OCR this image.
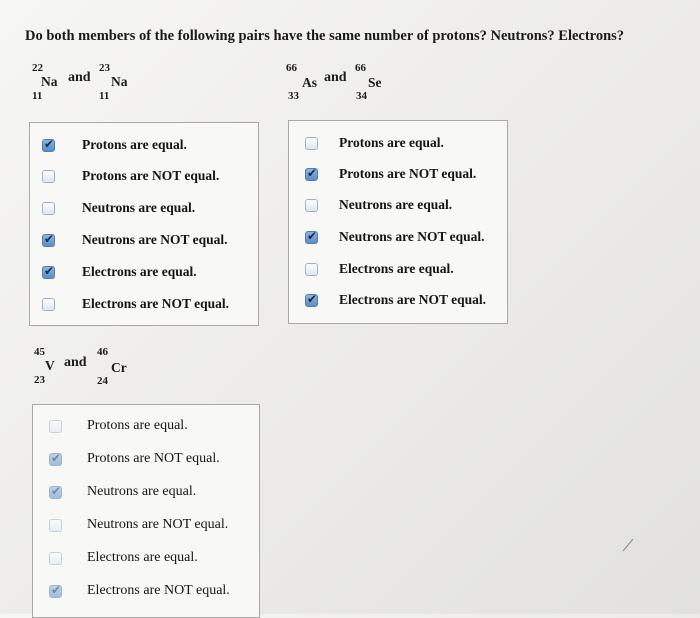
Do both members of the following pairs have the same number of protons? Neutrons? Electrons?
22
Na
11
and
23
Na
11
66
As
33
and
66
Se
34
45
V
23
and
46
Cr
24
✔ Protons are equal.
Protons are NOT equal.
Neutrons are equal.
✔ Neutrons are NOT equal.
✔ Electrons are equal.
Electrons are NOT equal.
Protons are equal.
✔ Protons are NOT equal.
Neutrons are equal.
✔ Neutrons are NOT equal.
Electrons are equal.
✔ Electrons are NOT equal.
Protons are equal.
✔ Protons are NOT equal.
✔ Neutrons are equal.
Neutrons are NOT equal.
Electrons are equal.
✔ Electrons are NOT equal.
